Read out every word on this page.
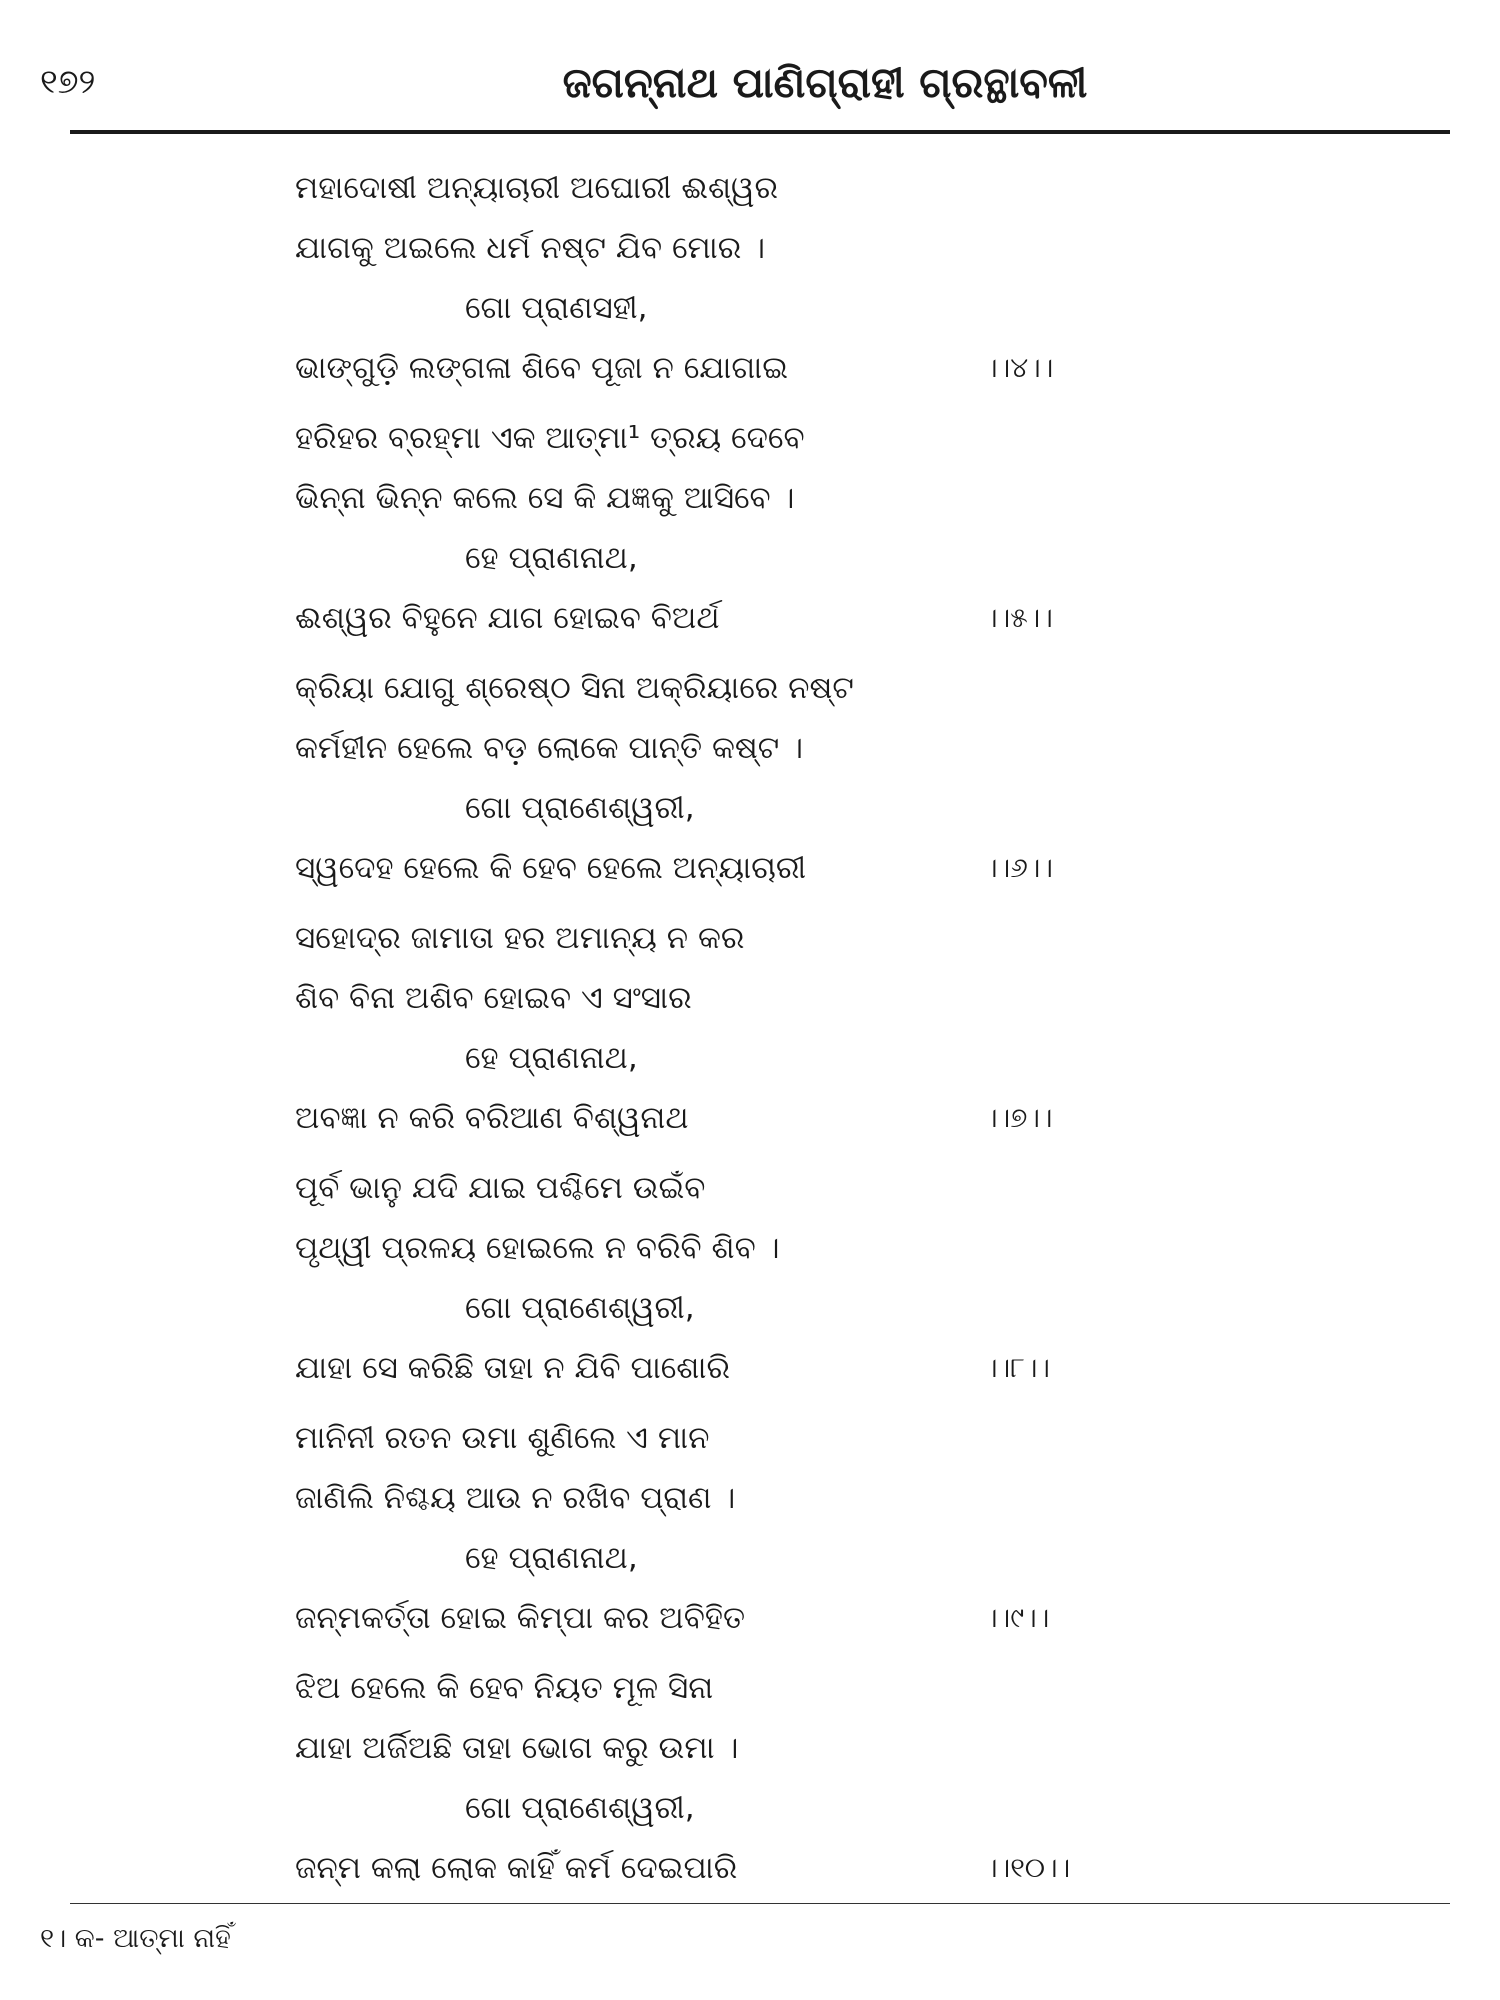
୧୭୨	ଜଗନ୍ନାଥ ପାଣିଗ୍ରାହୀ ଗ୍ରନ୍ଥାବଳୀ
ମହାଦୋଷୀ ଅନ୍ୟାଚାରୀ ଅଘୋରୀ ଈଶ୍ୱର
ଯାଗକୁ ଅଇଲେ ଧର୍ମ ନଷ୍ଟ ଯିବ ମୋର ।
ଗୋ ପ୍ରାଣସହୀ,
ଭାଙ୍ଗୁଡ଼ି ଲଙ୍ଗଳା ଶିବେ ପୂଜା ନ ଯୋଗାଇ	।।୪।।
ହରିହର ବ୍ରହ୍ମା ଏକ ଆତ୍ମା¹ ତ୍ରୟ ଦେବେ
ଭିନ୍ନା ଭିନ୍ନ କଲେ ସେ କି ଯଜ୍ଞକୁ ଆସିବେ ।
ହେ ପ୍ରାଣନାଥ,
ଈଶ୍ୱର ବିହୁନେ ଯାଗ ହୋଇବ ବିଅର୍ଥ	।।୫।।
କ୍ରିୟା ଯୋଗୁ ଶ୍ରେଷ୍ଠ ସିନା ଅକ୍ରିୟାରେ ନଷ୍ଟ
କର୍ମହୀନ ହେଲେ ବଡ଼ ଲୋକେ ପାନ୍ତି କଷ୍ଟ ।
ଗୋ ପ୍ରାଣେଶ୍ୱରୀ,
ସ୍ୱଦେହ ହେଲେ କି ହେବ ହେଲେ ଅନ୍ୟାଚାରୀ	।।୬।।
ସହୋଦ୍ର ଜାମାତା ହର ଅମାନ୍ୟ ନ କର
ଶିବ ବିନା ଅଶିବ ହୋଇବ ଏ ସଂସାର
ହେ ପ୍ରାଣନାଥ,
ଅବଜ୍ଞା ନ କରି ବରିଆଣ ବିଶ୍ୱନାଥ	।।୭।।
ପୂର୍ବ ଭାନୁ ଯଦି ଯାଇ ପଶ୍ଚିମେ ଉଇଁବ
ପୃଥ୍ୱୀ ପ୍ରଳୟ ହୋଇଲେ ନ ବରିବି ଶିବ ।
ଗୋ ପ୍ରାଣେଶ୍ୱରୀ,
ଯାହା ସେ କରିଛି ତାହା ନ ଯିବି ପାଶୋରି	।।୮।।
ମାନିନୀ ରତନ ଉମା ଶୁଣିଲେ ଏ ମାନ
ଜାଣିଲି ନିଶ୍ଚୟ ଆଉ ନ ରଖିବ ପ୍ରାଣ ।
ହେ ପ୍ରାଣନାଥ,
ଜନ୍ମକର୍ତ୍ତା ହୋଇ କିମ୍ପା କର ଅବିହିତ	।।୯।।
ଝିଅ ହେଲେ କି ହେବ ନିୟତ ମୂଳ ସିନା
ଯାହା ଅର୍ଜିଅଛି ତାହା ଭୋଗ କରୁ ଉମା ।
ଗୋ ପ୍ରାଣେଶ୍ୱରୀ,
ଜନ୍ମ କଲା ଲୋକ କାହିଁ କର୍ମ ଦେଇପାରି	।।୧୦।।
୧। କ- ଆତ୍ମା ନାହିଁ
